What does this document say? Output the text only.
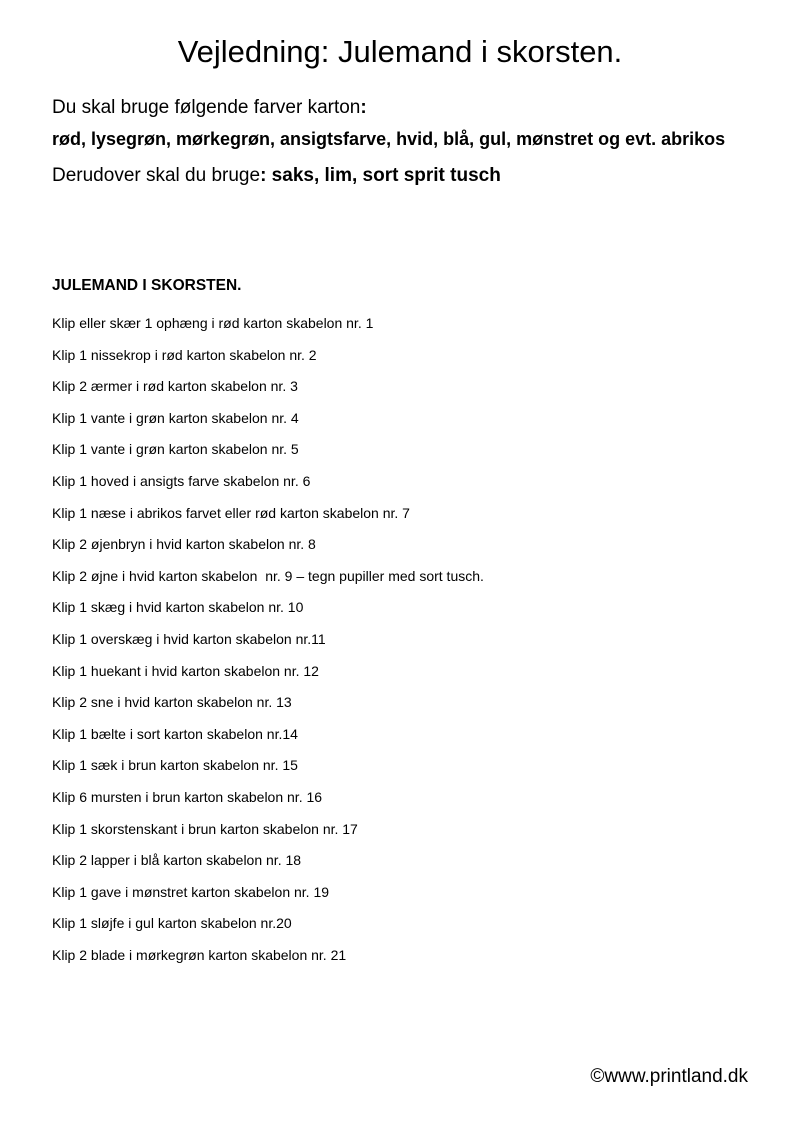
Vejledning: Julemand i skorsten.
Du skal bruge følgende farver karton:
rød, lysegrøn, mørkegrøn, ansigtsfarve, hvid, blå, gul, mønstret og evt. abrikos
Derudover skal du bruge: saks, lim, sort sprit tusch
JULEMAND I SKORSTEN.
Klip eller skær 1 ophæng i rød karton skabelon nr. 1
Klip 1 nissekrop i rød karton skabelon nr. 2
Klip 2 ærmer i rød karton skabelon nr. 3
Klip 1 vante i grøn karton skabelon nr. 4
Klip 1 vante i grøn karton skabelon nr. 5
Klip 1 hoved i ansigts farve skabelon nr. 6
Klip 1 næse i abrikos farvet eller rød karton skabelon nr. 7
Klip 2 øjenbryn i hvid karton skabelon nr. 8
Klip 2 øjne i hvid karton skabelon  nr. 9 – tegn pupiller med sort tusch.
Klip 1 skæg i hvid karton skabelon nr. 10
Klip 1 overskæg i hvid karton skabelon nr.11
Klip 1 huekant i hvid karton skabelon nr. 12
Klip 2 sne i hvid karton skabelon nr. 13
Klip 1 bælte i sort karton skabelon nr.14
Klip 1 sæk i brun karton skabelon nr. 15
Klip 6 mursten i brun karton skabelon nr. 16
Klip 1 skorstenskant i brun karton skabelon nr. 17
Klip 2 lapper i blå karton skabelon nr. 18
Klip 1 gave i mønstret karton skabelon nr. 19
Klip 1 sløjfe i gul karton skabelon nr.20
Klip 2 blade i mørkegrøn karton skabelon nr. 21
©www.printland.dk
